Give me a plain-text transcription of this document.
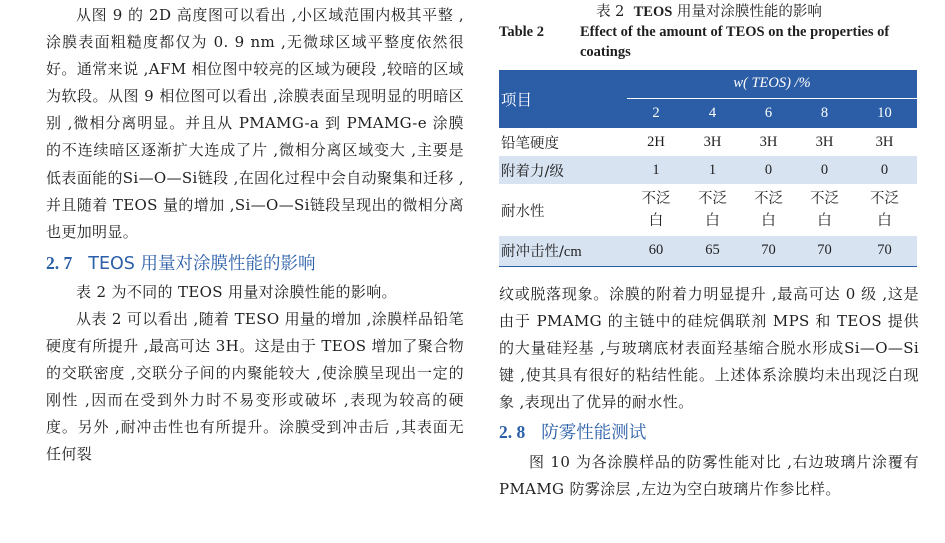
从图 9 的 2D 高度图可以看出 ,小区域范围内极其平整 ,涂膜表面粗糙度都仅为 0. 9 nm ,无微球区域平整度依然很好。通常来说 ,AFM 相位图中较亮的区域为硬段 ,较暗的区域为软段。从图 9 相位图可以看出 ,涂膜表面呈现明显的明暗区别 ,微相分离明显。并且从 PMAMG-a 到 PMAMG-e 涂膜的不连续暗区逐渐扩大连成了片 ,微相分离区域变大 ,主要是低表面能的Si—O—Si链段 ,在固化过程中会自动聚集和迁移 ,并且随着 TEOS 量的增加 ,Si—O—Si链段呈现出的微相分离也更加明显。

2. 7 TEOS 用量对涂膜性能的影响

表 2 为不同的 TEOS 用量对涂膜性能的影响。

从表 2 可以看出 ,随着 TESO 用量的增加 ,涂膜样品铅笔硬度有所提升 ,最高可达 3H。这是由于 TEOS 增加了聚合物的交联密度 ,交联分子间的内聚能较大 ,使涂膜呈现出一定的刚性 ,因而在受到外力时不易变形或破坏 ,表现为较高的硬度。另外 ,耐冲击性也有所提升。涂膜受到冲击后 ,其表面无任何裂

表 2 TEOS 用量对涂膜性能的影响

Table 2 Effect of the amount of TEOS on the properties of coatings

项目	w( TEOS) /%				
	2	4	6	8	10
铅笔硬度	2H	3H	3H	3H	3H
附着力/级	1	1	0	0	0
耐水性	不泛白	不泛白	不泛白	不泛白	不泛白

耐冲击性/cm	60	65	70	70	70

纹或脱落现象。涂膜的附着力明显提升 ,最高可达 0 级 ,这是由于 PMAMG 的主链中的硅烷偶联剂 MPS 和 TEOS 提供的大量硅羟基 ,与玻璃底材表面羟基缩合脱水形成Si—O—Si键 ,使其具有很好的粘结性能。上述体系涂膜均未出现泛白现象 ,表现出了优异的耐水性。

2. 8 防雾性能测试

图 10 为各涂膜样品的防雾性能对比 ,右边玻璃片涂覆有 PMAMG 防雾涂层 ,左边为空白玻璃片作参比样。
